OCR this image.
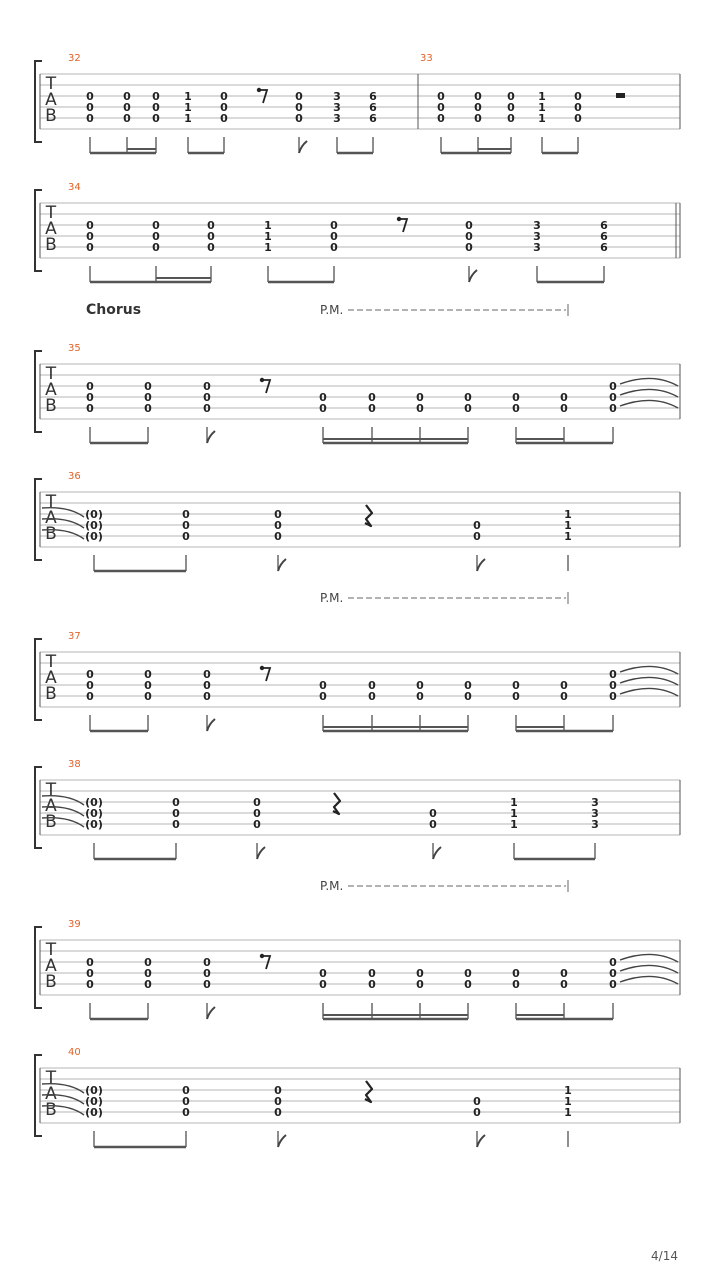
T
A
B
32	33
0
0
0
0
0
0
0
0
0
1
1
1
0
0
0
0
0
0
3
3
3
6
6
6
0
0
0
0
0
0
0
0
0
1
1
1
0
0
0
T
A
B
34
0
0
0
0
0
0
0
0
0
1
1
1
0
0
0
0
0
0
3
3
3
6
6
6
T
A
B
Chorus	P.M.
35
0
0
0
0
0
0
0
0
0
0
0
0
0
0
0
0
0
0
0
0
0
0
0
0
T
A
B
36
(0)
(0)
(0)
0
0
0
0
0
0
0
0
1
1
1
T
A
B
P.M.
37
0
0
0
0
0
0
0
0
0
0
0
0
0
0
0
0
0
0
0
0
0
0
0
0
T
A
B
38
(0)
(0)
(0)
0
0
0
0
0
0
0
0
1
1
1
3
3
3
T
A
B
P.M.
39
0
0
0
0
0
0
0
0
0
0
0
0
0
0
0
0
0
0
0
0
0
0
0
0
T
A
B
40
(0)
(0)
(0)
0
0
0
0
0
0
0
0
1
1
1
4/14
